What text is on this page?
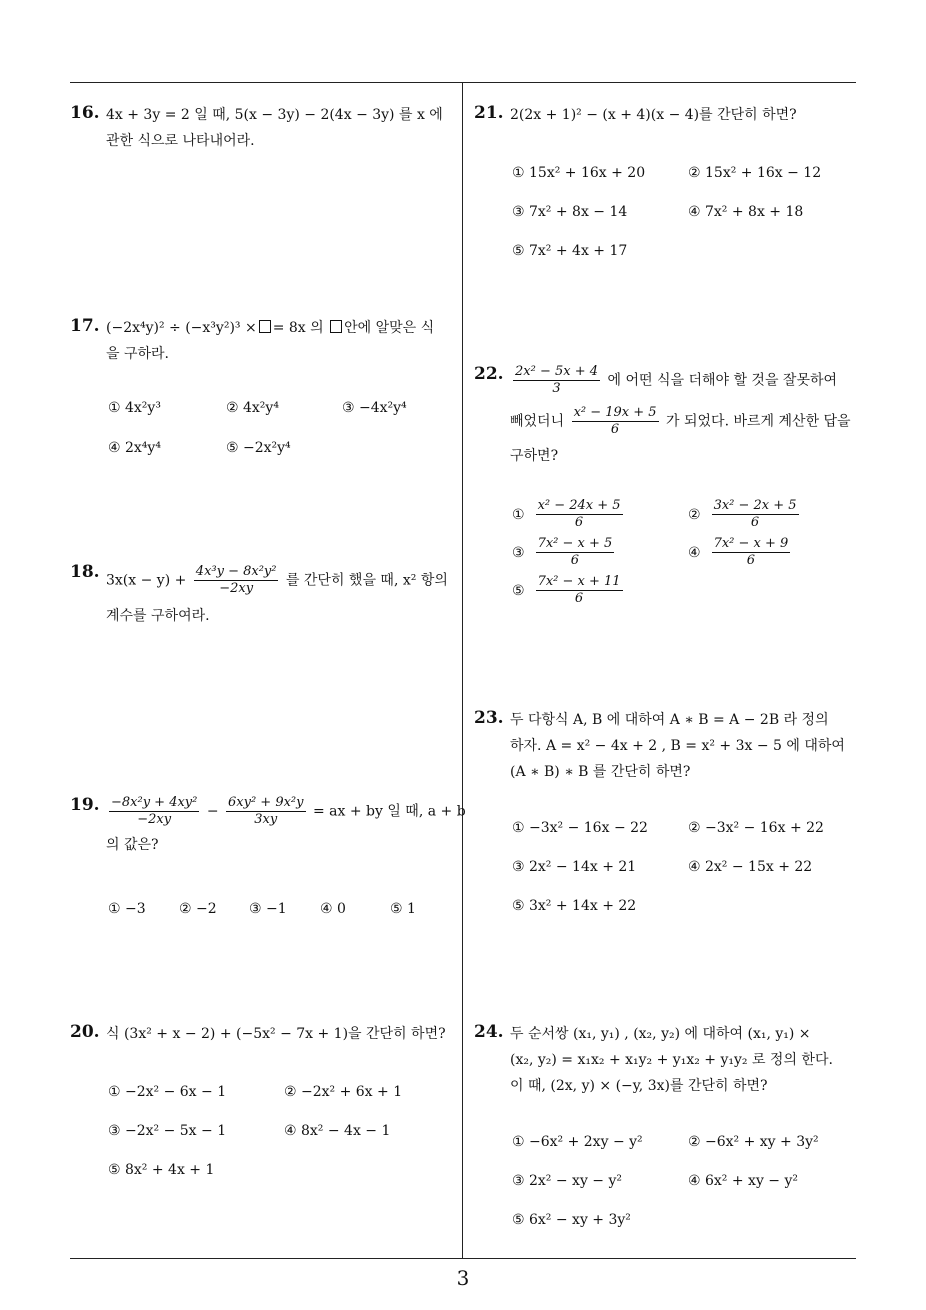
3
16. 4x + 3y = 2 일 때, 5(x − 3y) − 2(4x − 3y) 를 x 에
관한 식으로 나타내어라.
17. (−2x⁴y)² ÷ (−x³y²)³ × = 8x 의 안에 알맞은 식
을 구하라.
① 4x²y³	② 4x²y⁴	③ −4x²y⁴
④ 2x⁴y⁴	⑤ −2x²y⁴
18. $3x(x - y) + \frac{\text{4x³y − 8x²y²}}{-2xy}$ 를 간단히 했을 때, x² 항의
계수를 구하여라.
19. $\frac{\text{−8x²y + 4xy²}}{-2xy} - \frac{\text{6xy² + 9x²y}}{3xy}$ = ax + by 일 때, a + b
의 값은?
① −3 ② −2 ③ −1 ④ 0	⑤ 1
20. 식 (3x² + x − 2) + (−5x² − 7x + 1)을 간단히 하면?
① −2x² − 6x − 1	② −2x² + 6x + 1
③ −2x² − 5x − 1	④ 8x² − 4x − 1
⑤ 8x² + 4x + 1
21. 2(2x + 1)² − (x + 4)(x − 4)를 간단히 하면?
① 15x² + 16x + 20	② 15x² + 16x − 12
③ 7x² + 8x − 14	④ 7x² + 8x + 18
⑤ 7x² + 4x + 17
22. $\frac{\text{2x² − 5x + 4}}{3}$ 에 어떤 식을 더해야 할 것을 잘못하여
빼었더니 $\frac{\text{x² − 19x + 5}}{6}$ 가 되었다. 바르게 계산한 답을
구하면?
① $\frac{\text{x² − 24x + 5}}{6}$	② $\frac{\text{3x² − 2x + 5}}{6}$
③ $\frac{\text{7x² − x + 5}}{6}$	④ $\frac{\text{7x² − x + 9}}{6}$
⑤ $\frac{\text{7x² − x + 11}}{6}$
23. 두 다항식 A, B 에 대하여 A ∗ B = A − 2B 라 정의
하자. A = x² − 4x + 2 , B = x² + 3x − 5 에 대하여
(A ∗ B) ∗ B 를 간단히 하면?
① −3x² − 16x − 22	② −3x² − 16x + 22
③ 2x² − 14x + 21	④ 2x² − 15x + 22
⑤ 3x² + 14x + 22
24. 두 순서쌍 (x₁, y₁) , (x₂, y₂) 에 대하여 (x₁, y₁) ×
(x₂, y₂) = x₁x₂ + x₁y₂ + y₁x₂ + y₁y₂ 로 정의 한다.
이 때, (2x, y) × (−y, 3x)를 간단히 하면?
① −6x² + 2xy − y²	② −6x² + xy + 3y²
③ 2x² − xy − y²	④ 6x² + xy − y²
⑤ 6x² − xy + 3y²
